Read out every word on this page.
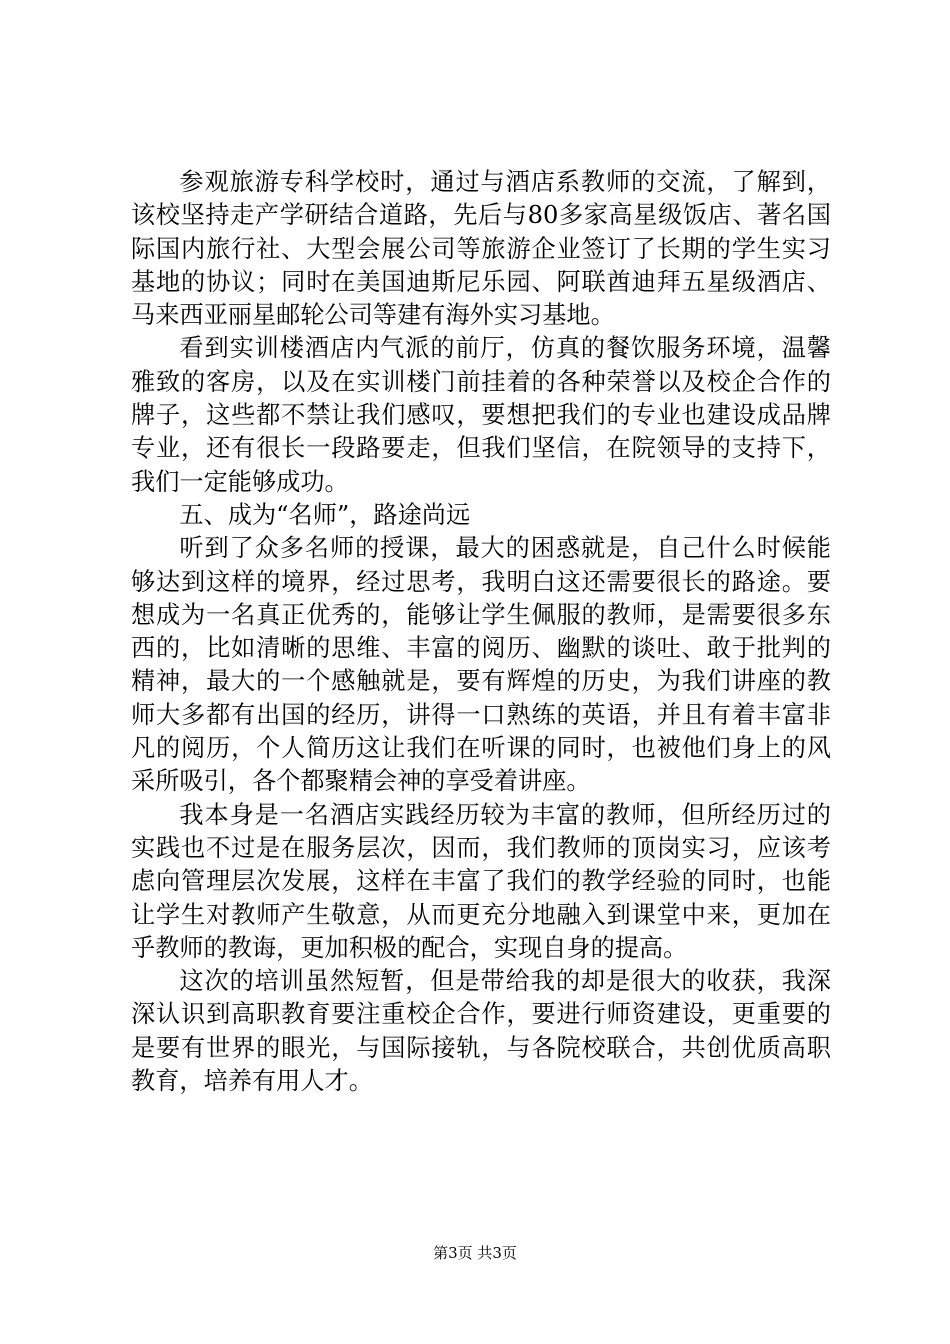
参观旅游专科学校时，通过与酒店系教师的交流，了解到，该校坚持走产学研结合道路，先后与80多家高星级饭店、著名国际国内旅行社、大型会展公司等旅游企业签订了长期的学生实习基地的协议；同时在美国迪斯尼乐园、阿联酋迪拜五星级酒店、马来西亚丽星邮轮公司等建有海外实习基地。

看到实训楼酒店内气派的前厅，仿真的餐饮服务环境，温馨雅致的客房，以及在实训楼门前挂着的各种荣誉以及校企合作的牌子，这些都不禁让我们感叹，要想把我们的专业也建设成品牌专业，还有很长一段路要走，但我们坚信，在院领导的支持下，我们一定能够成功。

五、成为“名师”，路途尚远

听到了众多名师的授课，最大的困惑就是，自己什么时候能够达到这样的境界，经过思考，我明白这还需要很长的路途。要想成为一名真正优秀的，能够让学生佩服的教师，是需要很多东西的，比如清晰的思维、丰富的阅历、幽默的谈吐、敢于批判的精神，最大的一个感触就是，要有辉煌的历史，为我们讲座的教师大多都有出国的经历，讲得一口熟练的英语，并且有着丰富非凡的阅历，个人简历这让我们在听课的同时，也被他们身上的风采所吸引，各个都聚精会神的享受着讲座。

我本身是一名酒店实践经历较为丰富的教师，但所经历过的实践也不过是在服务层次，因而，我们教师的顶岗实习，应该考虑向管理层次发展，这样在丰富了我们的教学经验的同时，也能让学生对教师产生敬意，从而更充分地融入到课堂中来，更加在乎教师的教诲，更加积极的配合，实现自身的提高。

这次的培训虽然短暂，但是带给我的却是很大的收获，我深深认识到高职教育要注重校企合作，要进行师资建设，更重要的是要有世界的眼光，与国际接轨，与各院校联合，共创优质高职教育，培养有用人才。

第3页 共3页
